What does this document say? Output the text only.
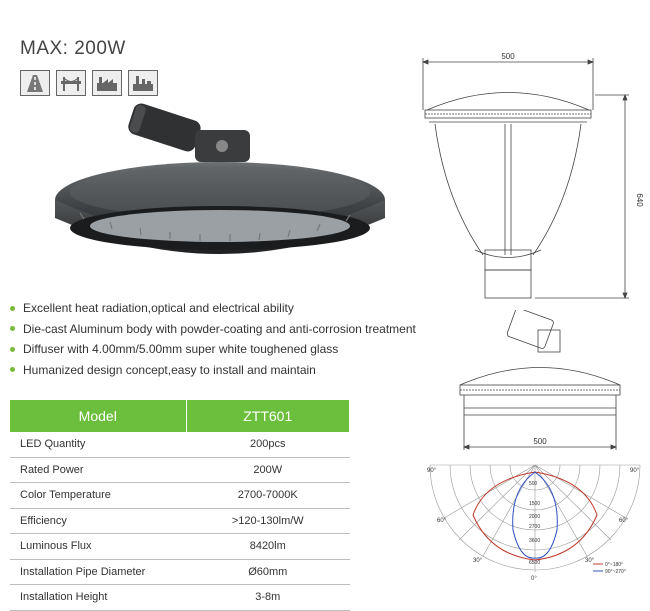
MAX: 200W
Excellent heat radiation,optical and electrical ability
Die-cast Aluminum body with powder-coating and anti-corrosion treatment
Diffuser with 4.00mm/5.00mm super white toughened glass
Humanized design concept,easy to install and maintain
Model	ZTT601
LED Quantity	200pcs
Rated Power	200W
Color Temperature	2700-7000K
Efficiency	>120-130lm/W
Luminous Flux	8420lm
Installation Pipe Diameter	Ø60mm
Installation Height	3-8m
500
640
500
90°	90°
60°	60°
30°	30°
0°
500
1500
2000
2700
3600
6500	0°~180°
90°~270°
